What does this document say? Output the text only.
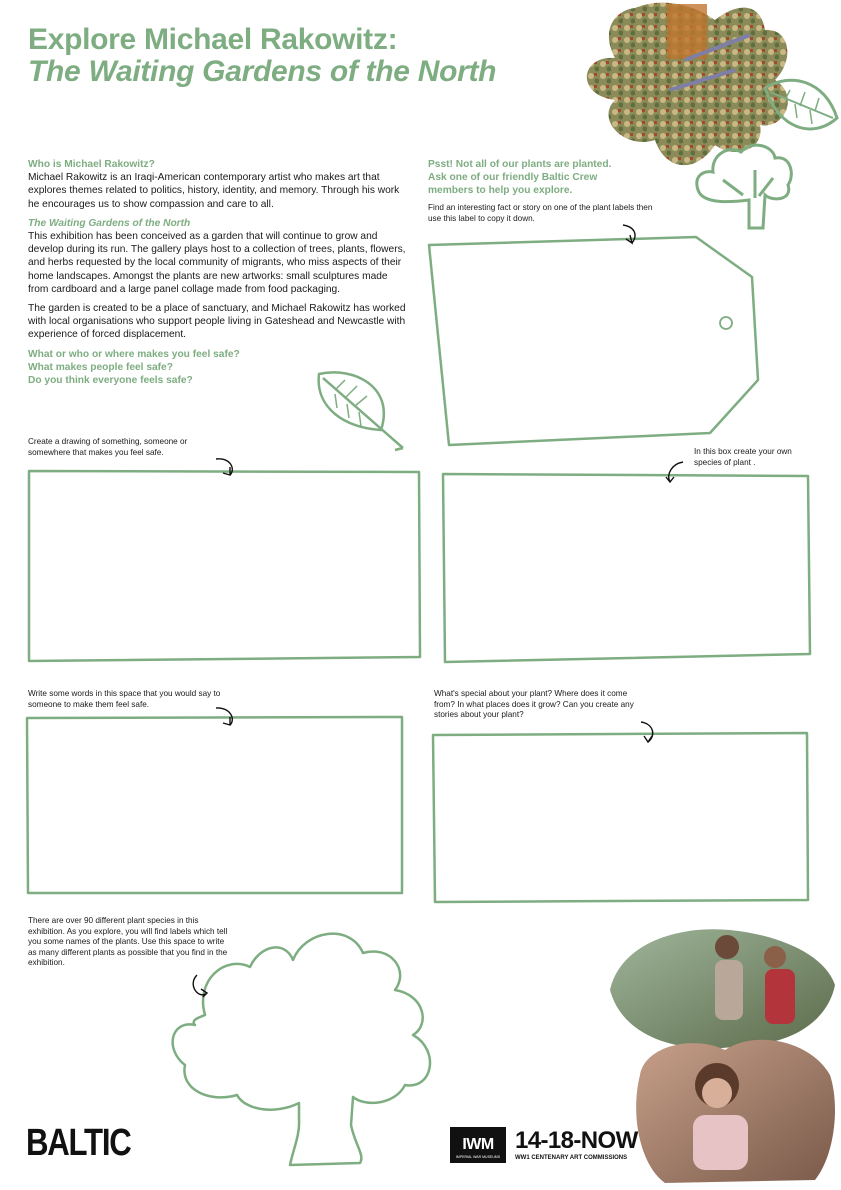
Explore Michael Rakowitz:
The Waiting Gardens of the North
Who is Michael Rakowitz?

Michael Rakowitz is an Iraqi-American contemporary artist who makes art that explores themes related to politics, history, identity, and memory. Through his work he encourages us to show compassion and care to all.

The Waiting Gardens of the North

This exhibition has been conceived as a garden that will continue to grow and develop during its run. The gallery plays host to a collection of trees, plants, flowers, and herbs requested by the local community of migrants, who miss aspects of their home landscapes. Amongst the plants are new artworks: small sculptures made from cardboard and a large panel collage made from food packaging.

The garden is created to be a place of sanctuary, and Michael Rakowitz has worked with local organisations who support people living in Gateshead and Newcastle with experience of forced displacement.

What or who or where makes you feel safe?
What makes people feel safe?
Do you think everyone feels safe?
Psst! Not all of our plants are planted.
Ask one of our friendly Baltic Crew
members to help you explore.
Find an interesting fact or story on one of the plant labels then use this label to copy it down.
Create a drawing of something, someone or somewhere that makes you feel safe.	In this box create your own species of plant .
Write some words in this space that you would say to someone to make them feel safe.
What's special about your plant? Where does it come from? In what places does it grow? Can you create any stories about your plant?
There are over 90 different plant species in this exhibition. As you explore, you will find labels which tell you some names of the plants. Use this space to write as many different plants as possible that you find in the exhibition.
BALTIC	IWM
IMPERIAL WAR MUSEUMS
14-18-NOW
WW1 CENTENARY ART COMMISSIONS
